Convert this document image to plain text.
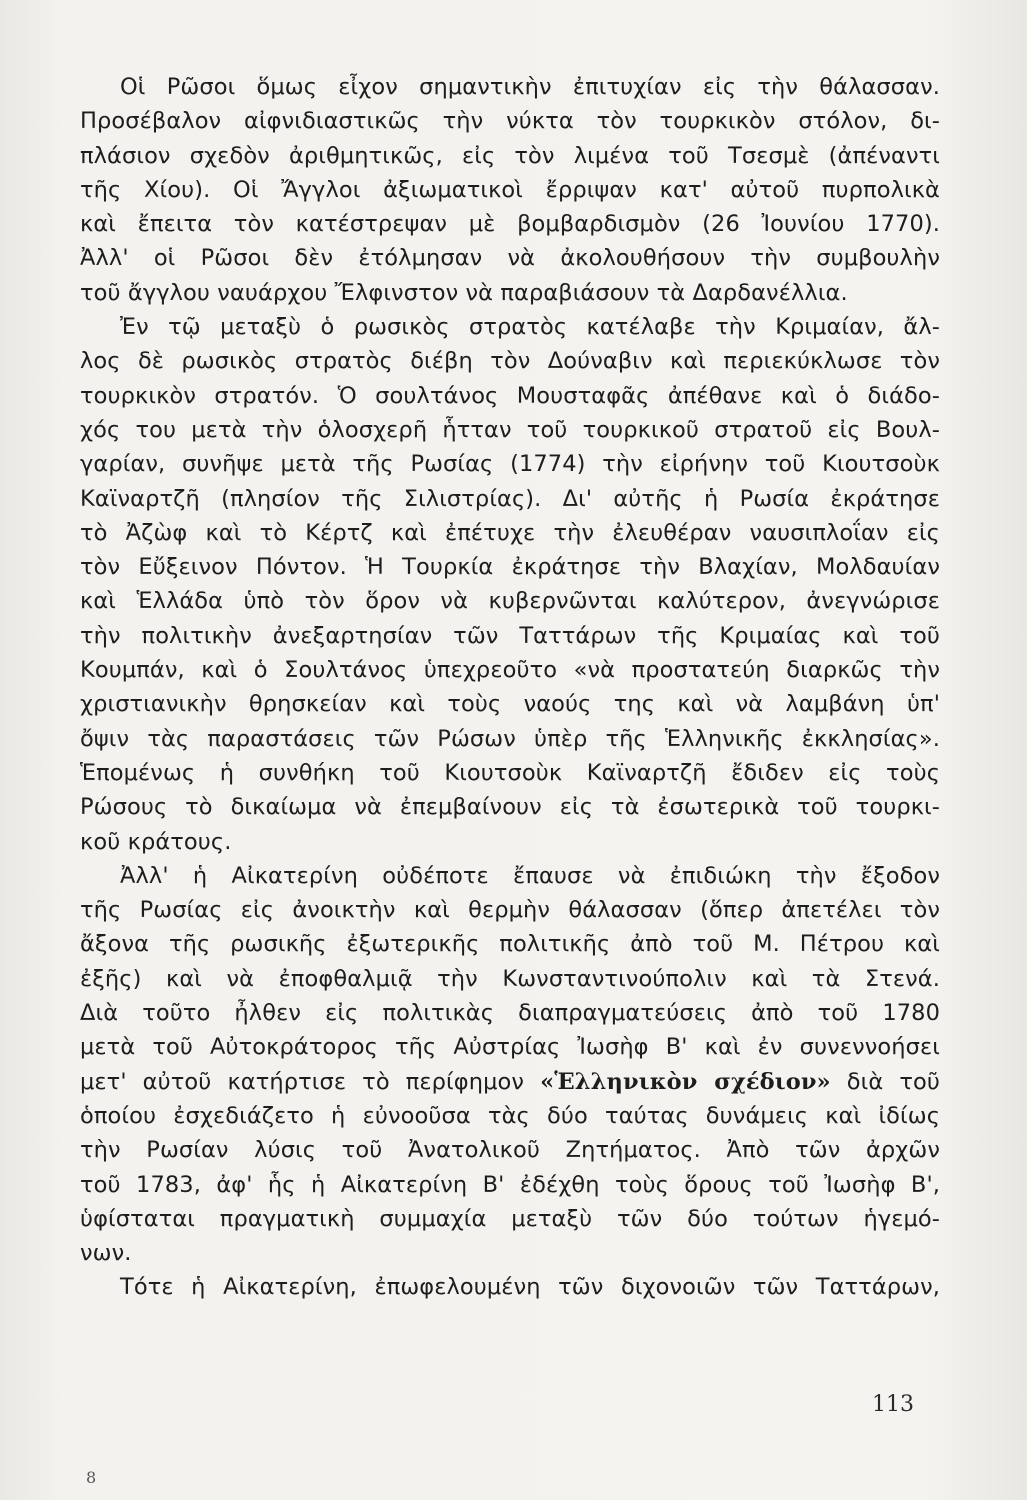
Οἱ Ρῶσοι ὅμως εἶχον σημαντικὴν ἐπιτυχίαν εἰς τὴν θάλασσαν.
Προσέβαλον αἰφνιδιαστικῶς τὴν νύκτα τὸν τουρκικὸν στόλον, δι-
πλάσιον σχεδὸν ἀριθμητικῶς, εἰς τὸν λιμένα τοῦ Τσεσμὲ (ἀπέναντι
τῆς Χίου). Οἱ Ἄγγλοι ἀξιωματικοὶ ἔρριψαν κατ' αὐτοῦ πυρπολικὰ
καὶ ἔπειτα τὸν κατέστρεψαν μὲ βομβαρδισμὸν (26 Ἰουνίου 1770).
Ἀλλ' οἱ Ρῶσοι δὲν ἐτόλμησαν νὰ ἀκολουθήσουν τὴν συμβουλὴν
τοῦ ἄγγλου ναυάρχου Ἔλφινστον νὰ παραβιάσουν τὰ Δαρδανέλλια.
Ἐν τῷ μεταξὺ ὁ ρωσικὸς στρατὸς κατέλαβε τὴν Κριμαίαν, ἄλ-
λος δὲ ρωσικὸς στρατὸς διέβη τὸν Δούναβιν καὶ περιεκύκλωσε τὸν
τουρκικὸν στρατόν. Ὁ σουλτάνος Μουσταφᾶς ἀπέθανε καὶ ὁ διάδο-
χός του μετὰ τὴν ὁλοσχερῆ ἧτταν τοῦ τουρκικοῦ στρατοῦ εἰς Βουλ-
γαρίαν, συνῆψε μετὰ τῆς Ρωσίας (1774) τὴν εἰρήνην τοῦ Κιουτσοὺκ
Καϊναρτζῆ (πλησίον τῆς Σιλιστρίας). Δι' αὐτῆς ἡ Ρωσία ἐκράτησε
τὸ Ἀζὼφ καὶ τὸ Κέρτζ καὶ ἐπέτυχε τὴν ἐλευθέραν ναυσιπλοΐαν εἰς
τὸν Εὔξεινον Πόντον. Ἡ Τουρκία ἐκράτησε τὴν Βλαχίαν, Μολδαυίαν
καὶ Ἑλλάδα ὑπὸ τὸν ὅρον νὰ κυβερνῶνται καλύτερον, ἀνεγνώρισε
τὴν πολιτικὴν ἀνεξαρτησίαν τῶν Ταττάρων τῆς Κριμαίας καὶ τοῦ
Κουμπάν, καὶ ὁ Σουλτάνος ὑπεχρεοῦτο «νὰ προστατεύη διαρκῶς τὴν
χριστιανικὴν θρησκείαν καὶ τοὺς ναούς της καὶ νὰ λαμβάνη ὑπ'
ὄψιν τὰς παραστάσεις τῶν Ρώσων ὑπὲρ τῆς Ἑλληνικῆς ἐκκλησίας».
Ἑπομένως ἡ συνθήκη τοῦ Κιουτσοὺκ Καϊναρτζῆ ἔδιδεν εἰς τοὺς
Ρώσους τὸ δικαίωμα νὰ ἐπεμβαίνουν εἰς τὰ ἐσωτερικὰ τοῦ τουρκι-
κοῦ κράτους.
Ἀλλ' ἡ Αἰκατερίνη οὐδέποτε ἔπαυσε νὰ ἐπιδιώκη τὴν ἔξοδον
τῆς Ρωσίας εἰς ἀνοικτὴν καὶ θερμὴν θάλασσαν (ὅπερ ἀπετέλει τὸν
ἄξονα τῆς ρωσικῆς ἐξωτερικῆς πολιτικῆς ἀπὸ τοῦ Μ. Πέτρου καὶ
ἐξῆς) καὶ νὰ ἐποφθαλμιᾷ τὴν Κωνσταντινούπολιν καὶ τὰ Στενά.
Διὰ τοῦτο ἦλθεν εἰς πολιτικὰς διαπραγματεύσεις ἀπὸ τοῦ 1780
μετὰ τοῦ Αὐτοκράτορος τῆς Αὐστρίας Ἰωσὴφ Β' καὶ ἐν συνεννοήσει
μετ' αὐτοῦ κατήρτισε τὸ περίφημον «Ἑλληνικὸν σχέδιον» διὰ τοῦ
ὁποίου ἐσχεδιάζετο ἡ εὐνοοῦσα τὰς δύο ταύτας δυνάμεις καὶ ἰδίως
τὴν Ρωσίαν λύσις τοῦ Ἀνατολικοῦ Ζητήματος. Ἀπὸ τῶν ἀρχῶν
τοῦ 1783, ἀφ' ἧς ἡ Αἰκατερίνη Β' ἐδέχθη τοὺς ὅρους τοῦ Ἰωσὴφ Β',
ὑφίσταται πραγματικὴ συμμαχία μεταξὺ τῶν δύο τούτων ἡγεμό-
νων.
Τότε ἡ Αἰκατερίνη, ἐπωφελουμένη τῶν διχονοιῶν τῶν Ταττάρων,
113
8
